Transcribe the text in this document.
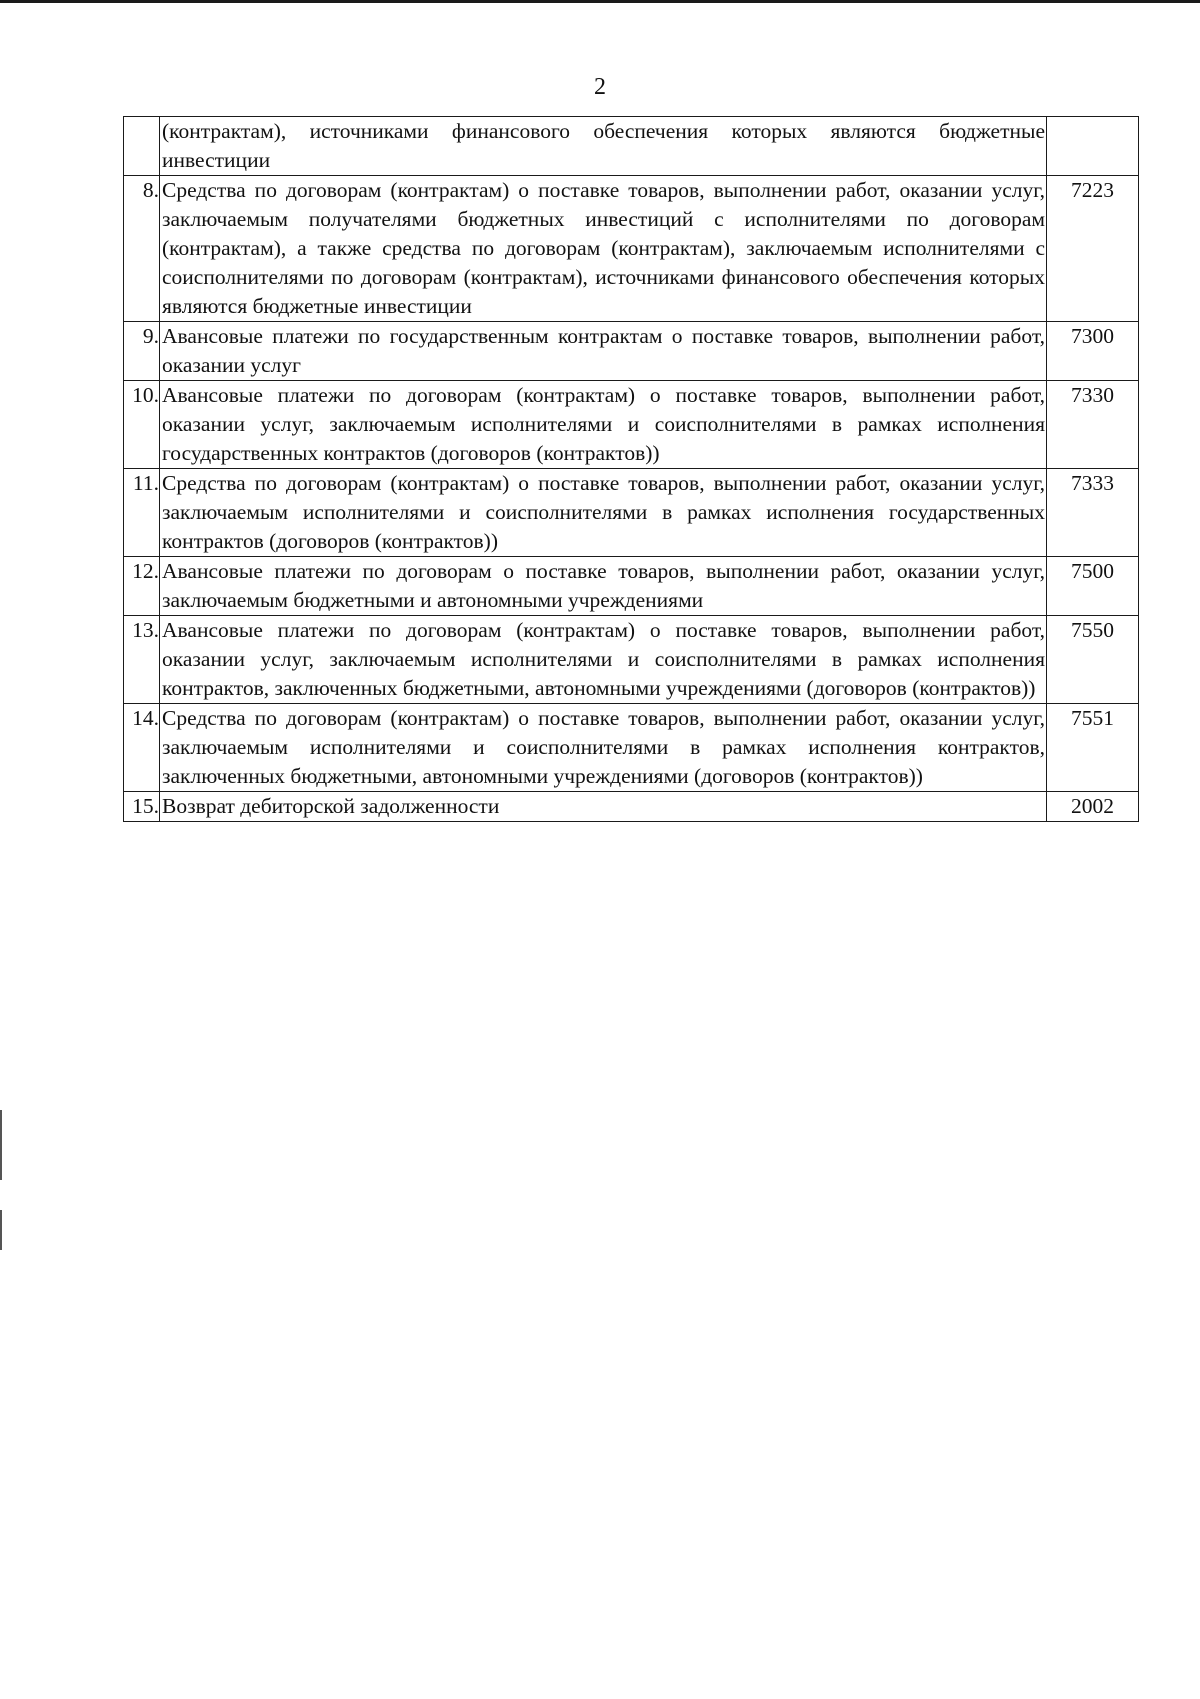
2
	(контрактам), источниками финансового обеспечения которых являются бюджетные инвестиции	
8.	Средства по договорам (контрактам) о поставке товаров, выполнении работ, оказании услуг, заключаемым получателями бюджетных инвестиций с исполнителями по договорам (контрактам), а также средства по договорам (контрактам), заключаемым исполнителями с соисполнителями по договорам (контрактам), источниками финансового обеспечения которых являются бюджетные инвестиции	7223
9.	Авансовые платежи по государственным контрактам о поставке товаров, выполнении работ, оказании услуг	7300
10.	Авансовые платежи по договорам (контрактам) о поставке товаров, выполнении работ, оказании услуг, заключаемым исполнителями и соисполнителями в рамках исполнения государственных контрактов (договоров (контрактов))	7330
11.	Средства по договорам (контрактам) о поставке товаров, выполнении работ, оказании услуг, заключаемым исполнителями и соисполнителями в рамках исполнения государственных контрактов (договоров (контрактов))	7333
12.	Авансовые платежи по договорам о поставке товаров, выполнении работ, оказании услуг, заключаемым бюджетными и автономными учреждениями	7500
13.	Авансовые платежи по договорам (контрактам) о поставке товаров, выполнении работ, оказании услуг, заключаемым исполнителями и соисполнителями в рамках исполнения контрактов, заключенных бюджетными, автономными учреждениями (договоров (контрактов))	7550
14.	Средства по договорам (контрактам) о поставке товаров, выполнении работ, оказании услуг, заключаемым исполнителями и соисполнителями в рамках исполнения контрактов, заключенных бюджетными, автономными учреждениями (договоров (контрактов))	7551
15.	Возврат дебиторской задолженности	2002
